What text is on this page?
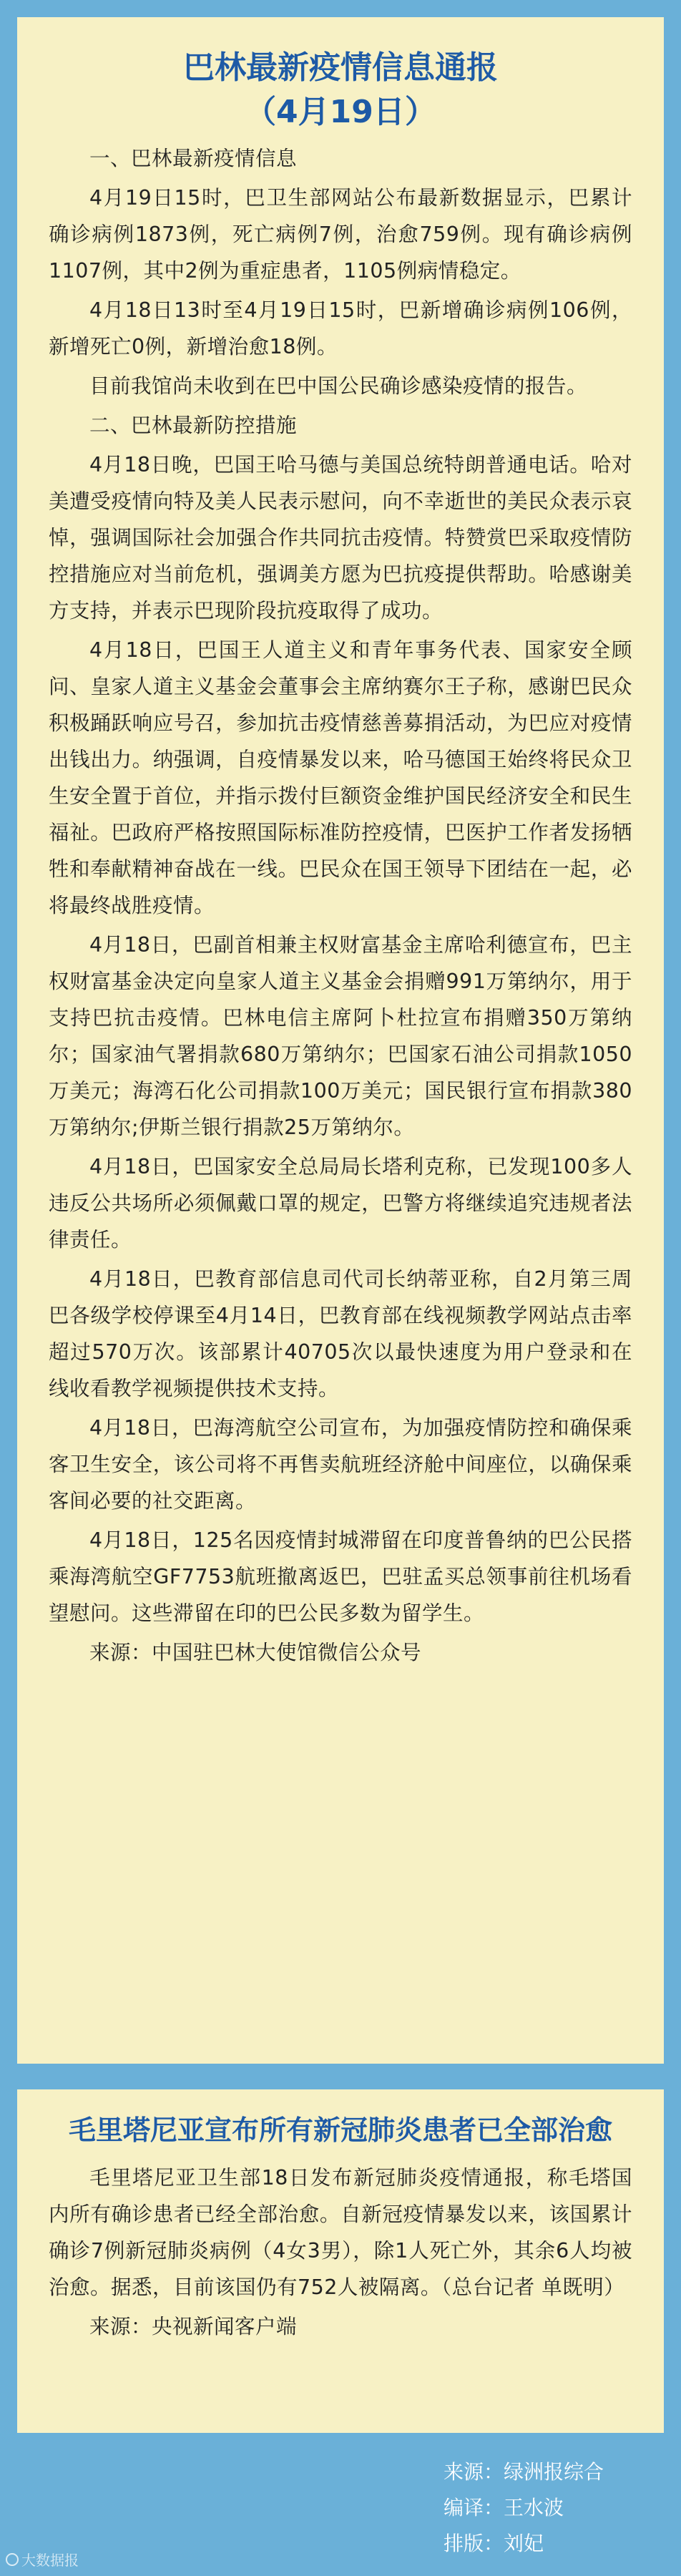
巴林最新疫情信息通报
（4月19日）

一、巴林最新疫情信息

4月19日15时，巴卫生部网站公布最新数据显示，巴累计确诊病例1873例，死亡病例7例，治愈759例。现有确诊病例1107例，其中2例为重症患者，1105例病情稳定。

4月18日13时至4月19日15时，巴新增确诊病例106例，新增死亡0例，新增治愈18例。

目前我馆尚未收到在巴中国公民确诊感染疫情的报告。

二、巴林最新防控措施

4月18日晚，巴国王哈马德与美国总统特朗普通电话。哈对美遭受疫情向特及美人民表示慰问，向不幸逝世的美民众表示哀悼，强调国际社会加强合作共同抗击疫情。特赞赏巴采取疫情防控措施应对当前危机，强调美方愿为巴抗疫提供帮助。哈感谢美方支持，并表示巴现阶段抗疫取得了成功。

4月18日，巴国王人道主义和青年事务代表、国家安全顾问、皇家人道主义基金会董事会主席纳赛尔王子称，感谢巴民众积极踊跃响应号召，参加抗击疫情慈善募捐活动，为巴应对疫情出钱出力。纳强调，自疫情暴发以来，哈马德国王始终将民众卫生安全置于首位，并指示拨付巨额资金维护国民经济安全和民生福祉。巴政府严格按照国际标准防控疫情，巴医护工作者发扬牺牲和奉献精神奋战在一线。巴民众在国王领导下团结在一起，必将最终战胜疫情。

4月18日，巴副首相兼主权财富基金主席哈利德宣布，巴主权财富基金决定向皇家人道主义基金会捐赠991万第纳尔，用于支持巴抗击疫情。巴林电信主席阿卜杜拉宣布捐赠350万第纳尔；国家油气署捐款680万第纳尔；巴国家石油公司捐款1050万美元；海湾石化公司捐款100万美元；国民银行宣布捐款380万第纳尔;伊斯兰银行捐款25万第纳尔。

4月18日，巴国家安全总局局长塔利克称，已发现100多人违反公共场所必须佩戴口罩的规定，巴警方将继续追究违规者法律责任。

4月18日，巴教育部信息司代司长纳蒂亚称，自2月第三周巴各级学校停课至4月14日，巴教育部在线视频教学网站点击率超过570万次。该部累计40705次以最快速度为用户登录和在线收看教学视频提供技术支持。

4月18日，巴海湾航空公司宣布，为加强疫情防控和确保乘客卫生安全，该公司将不再售卖航班经济舱中间座位，以确保乘客间必要的社交距离。

4月18日，125名因疫情封城滞留在印度普鲁纳的巴公民搭乘海湾航空GF7753航班撤离返巴，巴驻孟买总领事前往机场看望慰问。这些滞留在印的巴公民多数为留学生。

来源：中国驻巴林大使馆微信公众号

毛里塔尼亚宣布所有新冠肺炎患者已全部治愈

毛里塔尼亚卫生部18日发布新冠肺炎疫情通报，称毛塔国内所有确诊患者已经全部治愈。自新冠疫情暴发以来，该国累计确诊7例新冠肺炎病例（4女3男），除1人死亡外，其余6人均被治愈。据悉，目前该国仍有752人被隔离。（总台记者 单既明）

来源：央视新闻客户端

来源：绿洲报综合
编译：王水波
排版：刘妃
大数据报
